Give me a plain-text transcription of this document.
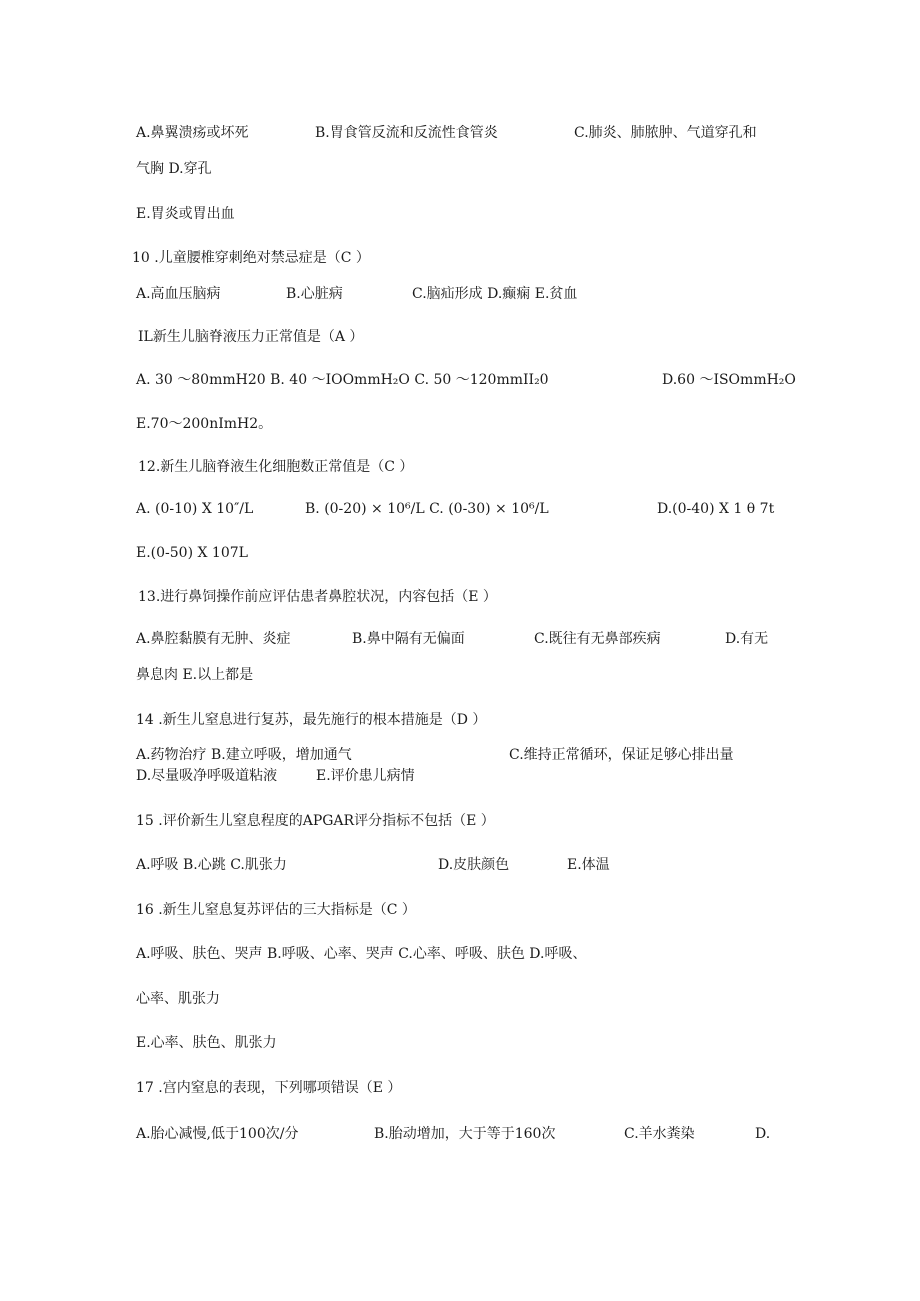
A.鼻翼溃疡或坏死	B.胃食管反流和反流性食管炎	C.肺炎、肺脓肿、气道穿孔和
气胸 D.穿孔
E.胃炎或胃出血
10 .儿童腰椎穿刺绝对禁忌症是（C ）
A.高血压脑病	B.心脏病	C.脑疝形成 D.癫痫 E.贫血
IL新生儿脑脊液压力正常值是（A ）
A. 30 ～80mmH20 B. 40 ～IOOmmH₂O C. 50 ～120mmII₂0	D.60 ～ISOmmH₂O
E.70～200nImH2。
12.新生儿脑脊液生化细胞数正常值是（C ）
A. (0-10) X 10″/L	B. (0-20) × 10⁶/L C. (0-30) × 10⁶/L	D.(0-40) X 1 θ 7t
E.(0-50) X 107L
13.进行鼻饲操作前应评估患者鼻腔状况，内容包括（E ）
A.鼻腔黏膜有无肿、炎症	B.鼻中隔有无偏面	C.既往有无鼻部疾病	D.有无
鼻息肉 E.以上都是
14 .新生儿窒息进行复苏，最先施行的根本措施是（D ）
A.药物治疗 B.建立呼吸，增加通气	C.维持正常循环，保证足够心排出量
D.尽量吸净呼吸道粘液	E.评价患儿病情
15 .评价新生儿窒息程度的APGAR评分指标不包括（E ）
A.呼吸 B.心跳 C.肌张力	D.皮肤颜色	E.体温
16 .新生儿窒息复苏评估的三大指标是（C ）
A.呼吸、肤色、哭声 B.呼吸、心率、哭声 C.心率、呼吸、肤色 D.呼吸、
心率、肌张力
E.心率、肤色、肌张力
17 .宫内窒息的表现，下列哪项错误（E ）
A.胎心减慢,低于100次/分	B.胎动增加，大于等于160次	C.羊水粪染	D.
